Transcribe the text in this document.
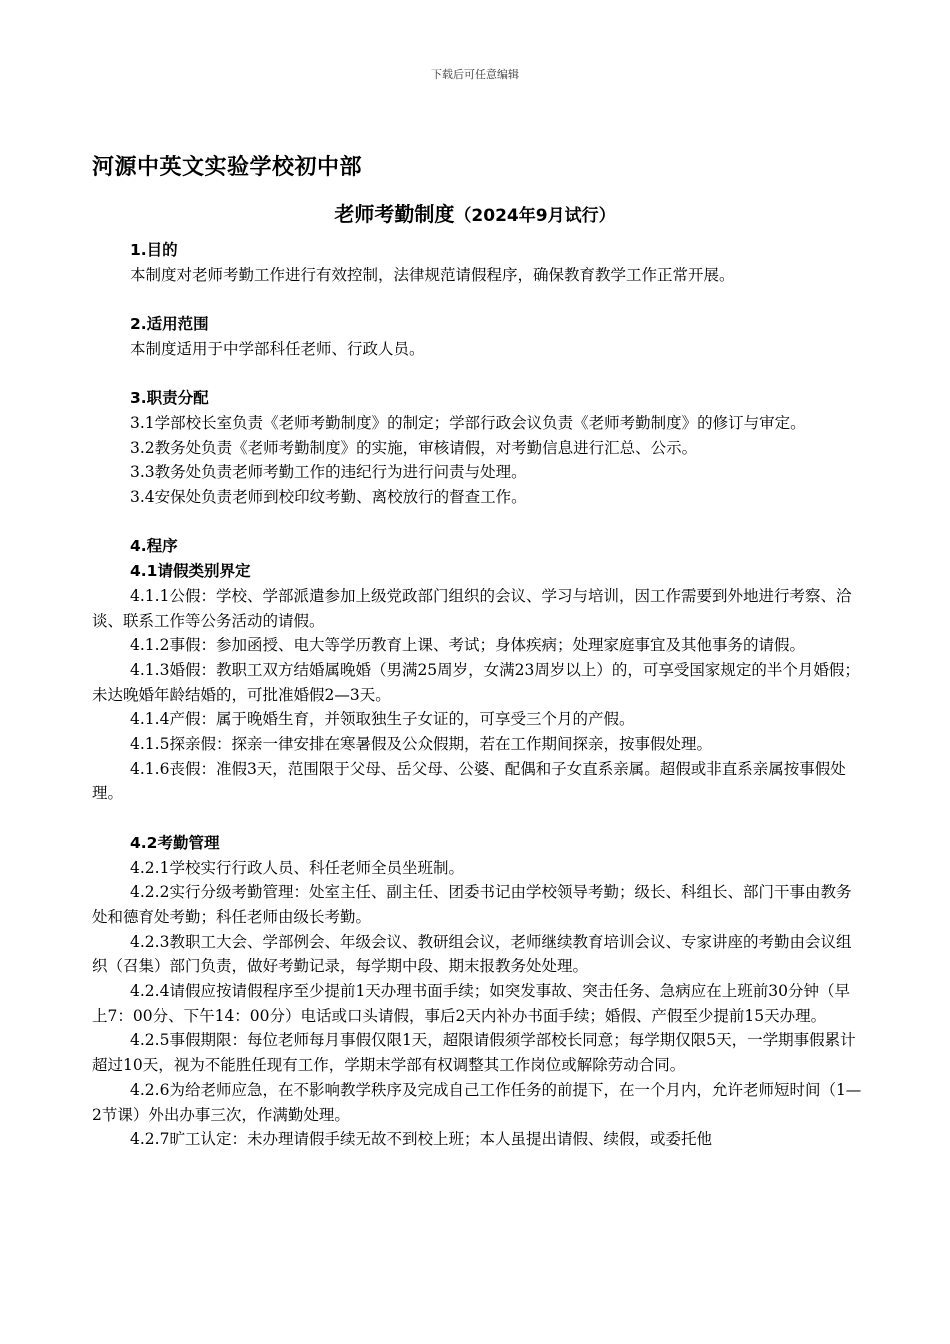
下载后可任意编辑
河源中英文实验学校初中部
老师考勤制度（2024年9月试行）

1.目的

本制度对老师考勤工作进行有效控制，法律规范请假程序，确保教育教学工作正常开展。

2.适用范围

本制度适用于中学部科任老师、行政人员。

3.职责分配

3.1学部校长室负责《老师考勤制度》的制定；学部行政会议负责《老师考勤制度》的修订与审定。

3.2教务处负责《老师考勤制度》的实施，审核请假，对考勤信息进行汇总、公示。

3.3教务处负责老师考勤工作的违纪行为进行问责与处理。

3.4安保处负责老师到校印纹考勤、离校放行的督查工作。

4.程序

4.1请假类别界定

4.1.1公假：学校、学部派遣参加上级党政部门组织的会议、学习与培训，因工作需要到外地进行考察、洽谈、联系工作等公务活动的请假。

4.1.2事假：参加函授、电大等学历教育上课、考试；身体疾病；处理家庭事宜及其他事务的请假。

4.1.3婚假：教职工双方结婚属晚婚（男满25周岁，女满23周岁以上）的，可享受国家规定的半个月婚假；未达晚婚年龄结婚的，可批准婚假2—3天。

4.1.4产假：属于晚婚生育，并领取独生子女证的，可享受三个月的产假。

4.1.5探亲假：探亲一律安排在寒暑假及公众假期，若在工作期间探亲，按事假处理。

4.1.6丧假：准假3天，范围限于父母、岳父母、公婆、配偶和子女直系亲属。超假或非直系亲属按事假处理。

4.2考勤管理

4.2.1学校实行行政人员、科任老师全员坐班制。

4.2.2实行分级考勤管理：处室主任、副主任、团委书记由学校领导考勤；级长、科组长、部门干事由教务处和德育处考勤；科任老师由级长考勤。

4.2.3教职工大会、学部例会、年级会议、教研组会议，老师继续教育培训会议、专家讲座的考勤由会议组织（召集）部门负责，做好考勤记录，每学期中段、期末报教务处处理。

4.2.4请假应按请假程序至少提前1天办理书面手续；如突发事故、突击任务、急病应在上班前30分钟（早上7：00分、下午14：00分）电话或口头请假，事后2天内补办书面手续；婚假、产假至少提前15天办理。

4.2.5事假期限：每位老师每月事假仅限1天，超限请假须学部校长同意；每学期仅限5天，一学期事假累计超过10天，视为不能胜任现有工作，学期末学部有权调整其工作岗位或解除劳动合同。

4.2.6为给老师应急，在不影响教学秩序及完成自己工作任务的前提下，在一个月内，允许老师短时间（1—2节课）外出办事三次，作满勤处理。

4.2.7旷工认定：未办理请假手续无故不到校上班；本人虽提出请假、续假，或委托他
